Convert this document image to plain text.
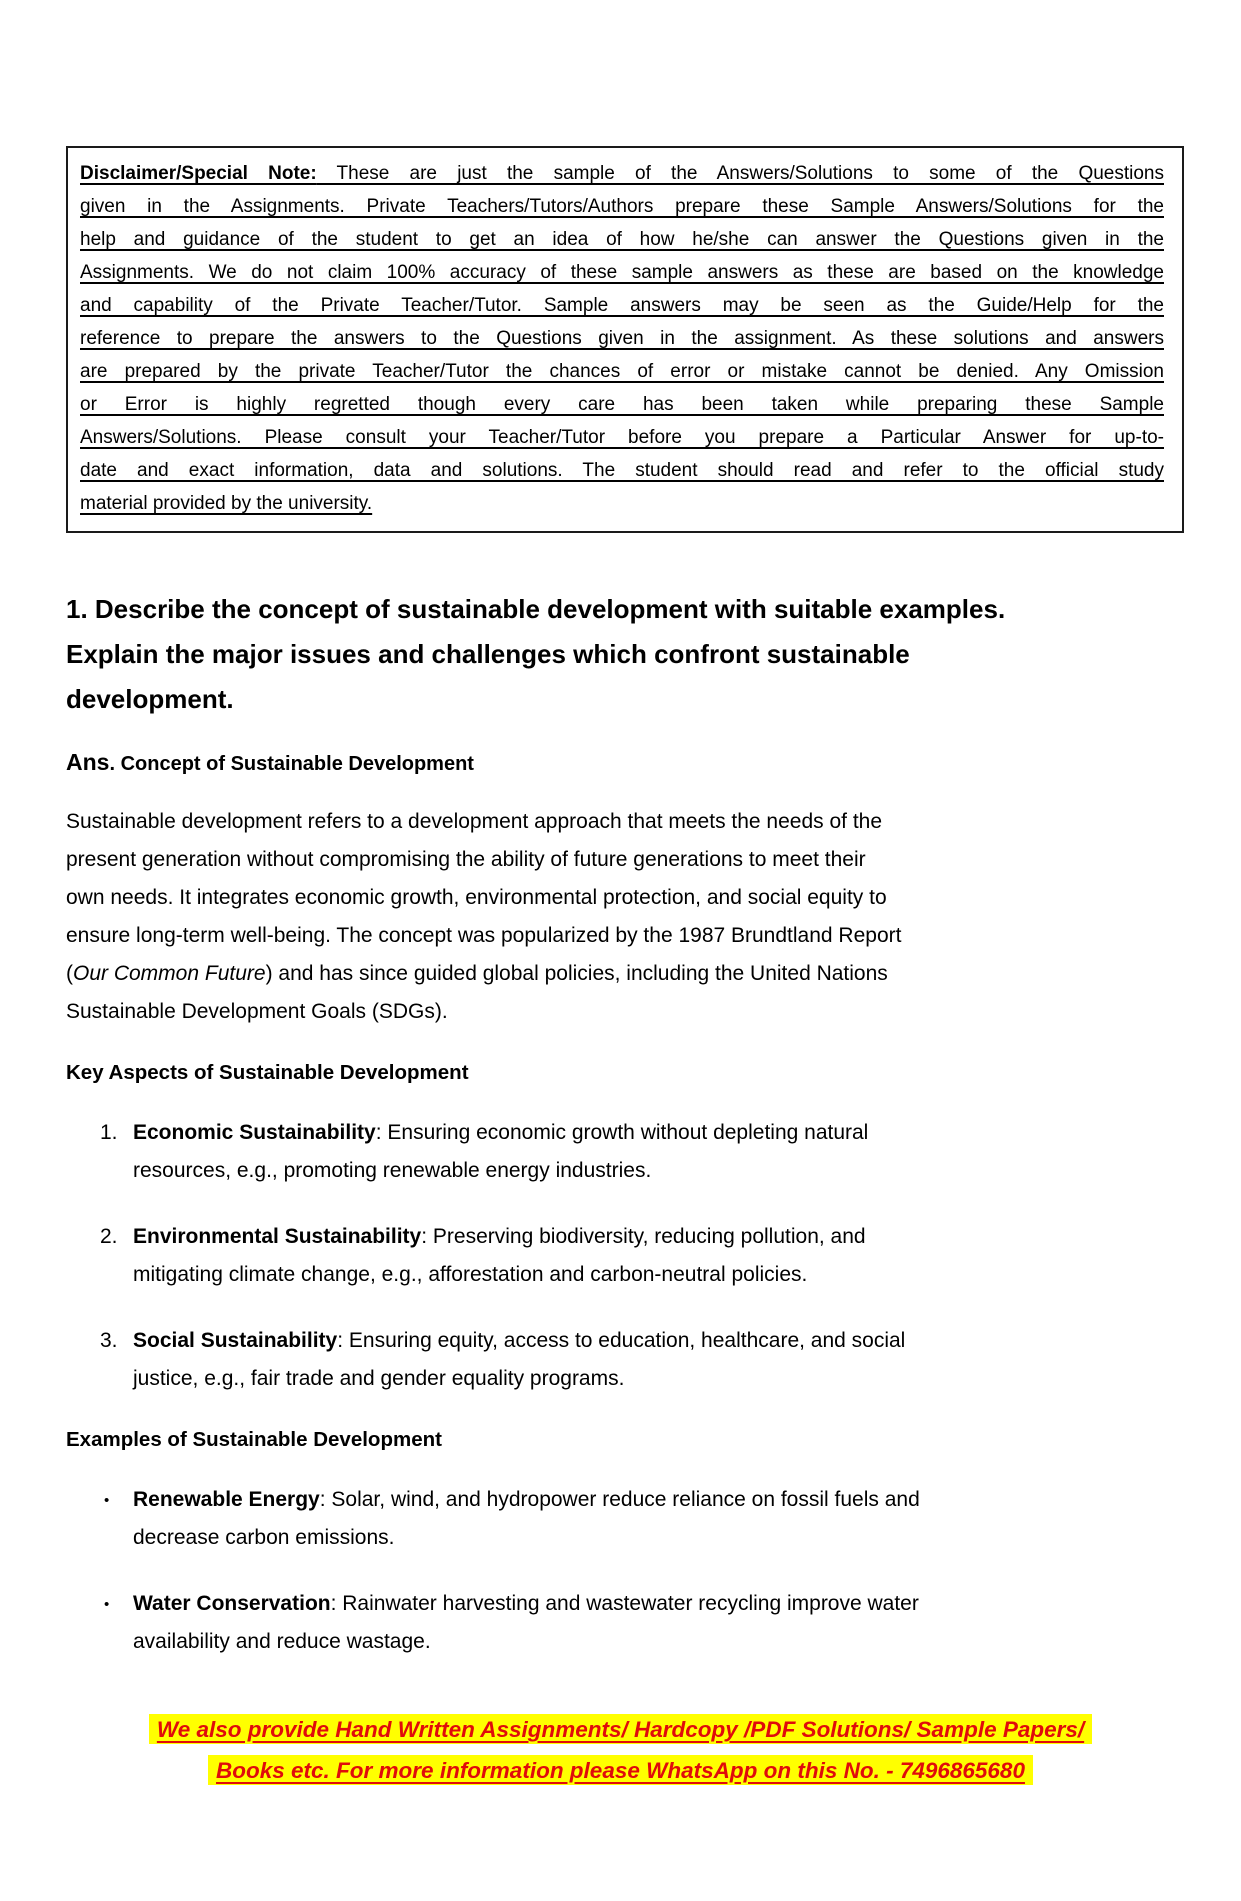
Disclaimer/Special Note: These are just the sample of the Answers/Solutions to some of the Questions
given in the Assignments. Private Teachers/Tutors/Authors prepare these Sample Answers/Solutions for the
help and guidance of the student to get an idea of how he/she can answer the Questions given in the
Assignments. We do not claim 100% accuracy of these sample answers as these are based on the knowledge
and capability of the Private Teacher/Tutor. Sample answers may be seen as the Guide/Help for the
reference to prepare the answers to the Questions given in the assignment. As these solutions and answers
are prepared by the private Teacher/Tutor the chances of error or mistake cannot be denied. Any Omission
or Error is highly regretted though every care has been taken while preparing these Sample
Answers/Solutions. Please consult your Teacher/Tutor before you prepare a Particular Answer for up-to-
date and exact information, data and solutions. The student should read and refer to the official study
material provided by the university.
1. Describe the concept of sustainable development with suitable examples.
Explain the major issues and challenges which confront sustainable
development.
Ans. Concept of Sustainable Development
Sustainable development refers to a development approach that meets the needs of the
present generation without compromising the ability of future generations to meet their
own needs. It integrates economic growth, environmental protection, and social equity to
ensure long-term well-being. The concept was popularized by the 1987 Brundtland Report
(Our Common Future) and has since guided global policies, including the United Nations
Sustainable Development Goals (SDGs).
Key Aspects of Sustainable Development
1. Economic Sustainability: Ensuring economic growth without depleting natural
resources, e.g., promoting renewable energy industries.
2. Environmental Sustainability: Preserving biodiversity, reducing pollution, and
mitigating climate change, e.g., afforestation and carbon-neutral policies.
3. Social Sustainability: Ensuring equity, access to education, healthcare, and social
justice, e.g., fair trade and gender equality programs.
Examples of Sustainable Development
• Renewable Energy: Solar, wind, and hydropower reduce reliance on fossil fuels and
decrease carbon emissions.
• Water Conservation: Rainwater harvesting and wastewater recycling improve water
availability and reduce wastage.
We also provide Hand Written Assignments/ Hardcopy /PDF Solutions/ Sample Papers/
Books etc. For more information please WhatsApp on this No. - 7496865680
